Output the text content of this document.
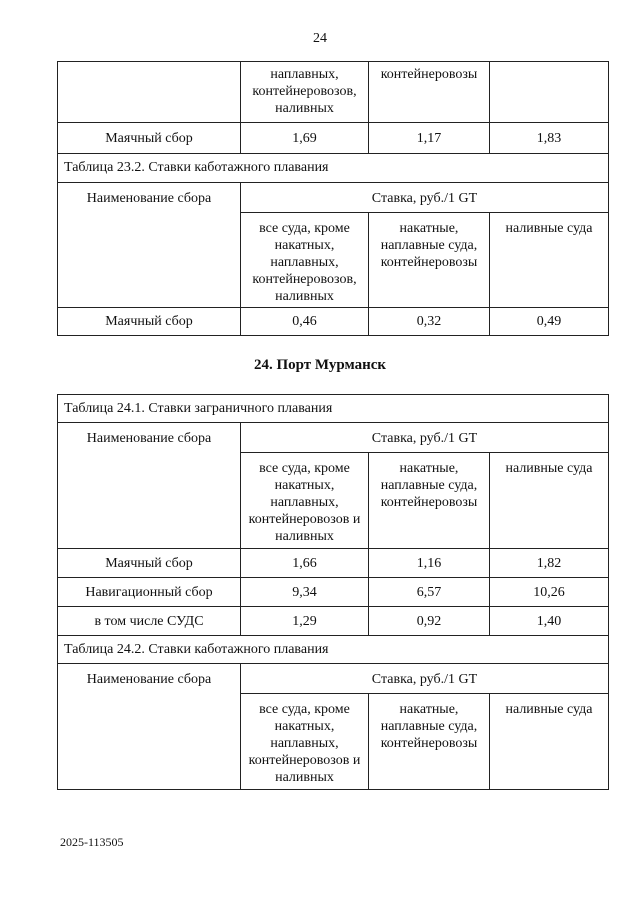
24
	наплавных, контейнеровозов, наливных	контейнеровозы	
Маячный сбор	1,69	1,17	1,83
Таблица 23.2. Ставки каботажного плавания			
Наименование сбора	Ставка, руб./1 GT		
	все суда, кроме накатных, наплавных, контейнеровозов, наливных	накатные, наплавные суда, контейнеровозы	наливные суда
Маячный сбор	0,46	0,32	0,49
24. Порт Мурманск
Таблица 24.1. Ставки заграничного плавания			
Наименование сбора	Ставка, руб./1 GT		
	все суда, кроме накатных, наплавных, контейнеровозов и наливных	накатные, наплавные суда, контейнеровозы	наливные суда
Маячный сбор	1,66	1,16	1,82
Навигационный сбор	9,34	6,57	10,26
в том числе СУДС	1,29	0,92	1,40
Таблица 24.2. Ставки каботажного плавания			
Наименование сбора	Ставка, руб./1 GT		
	все суда, кроме накатных, наплавных, контейнеровозов и наливных	накатные, наплавные суда, контейнеровозы	наливные суда
2025-113505
